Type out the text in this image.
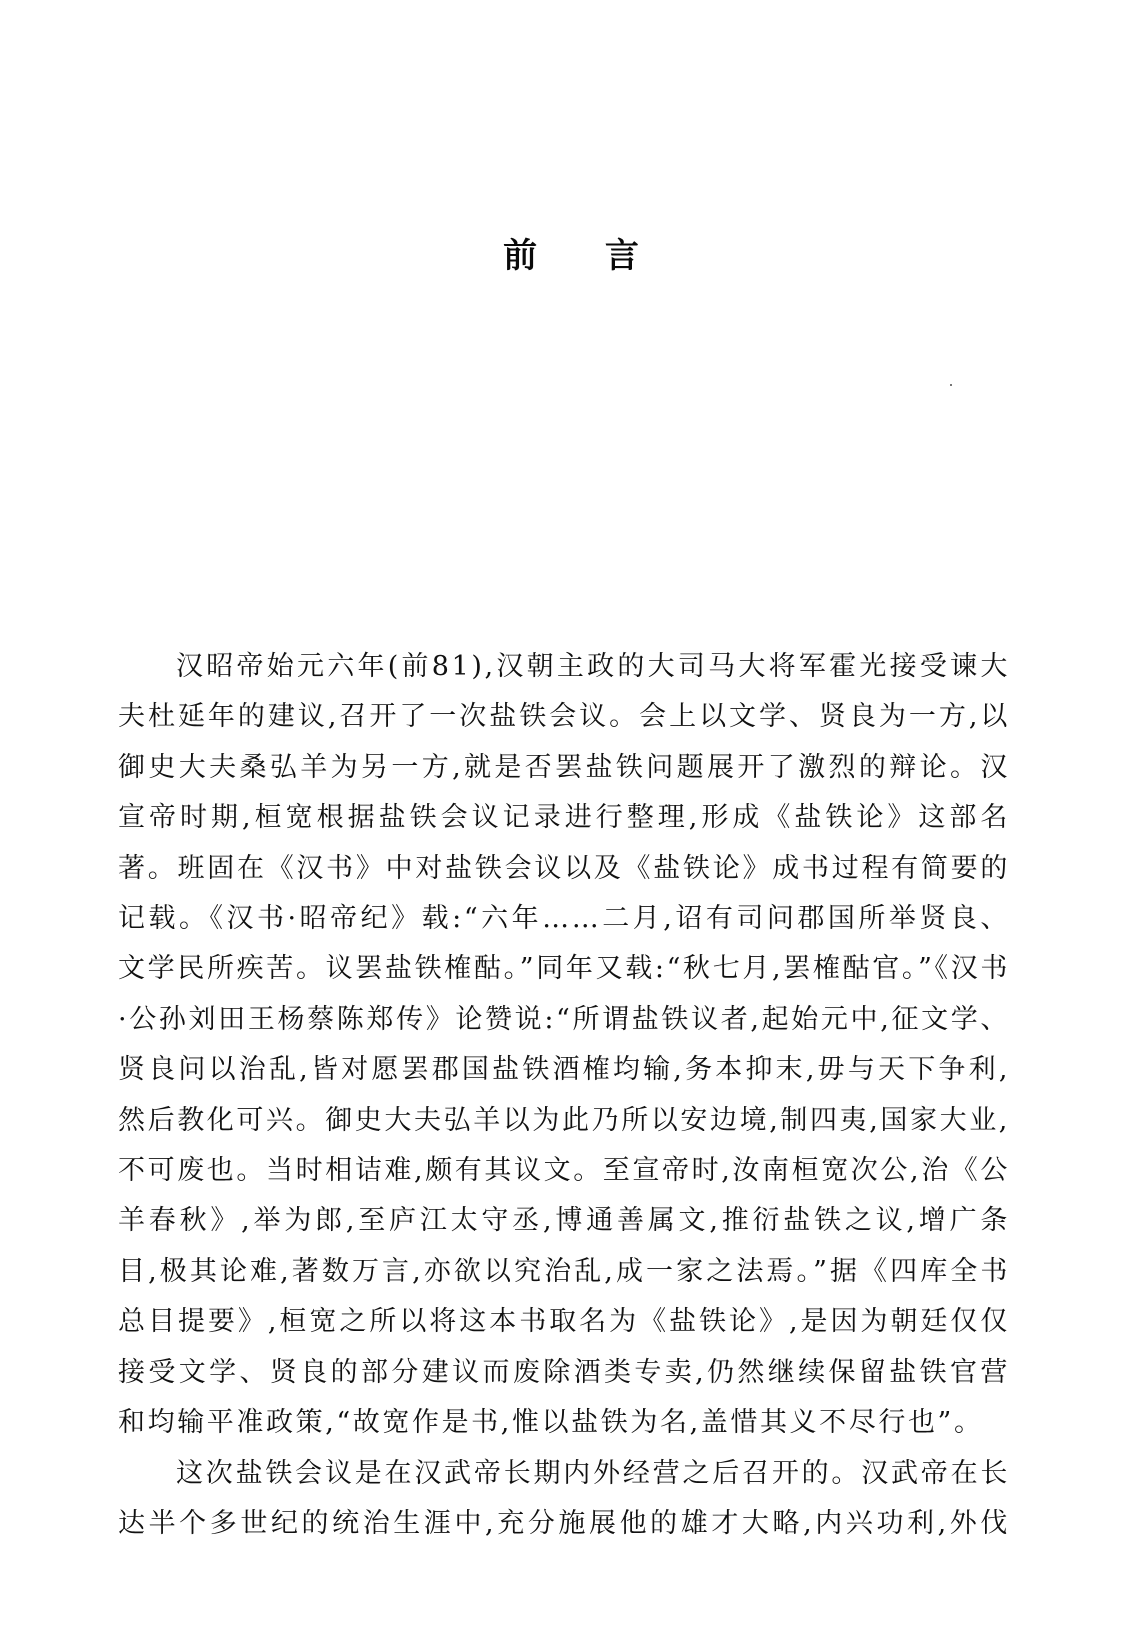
前 言

汉昭帝始元六年(前81),汉朝主政的大司马大将军霍光接受谏大夫杜延年的建议,召开了一次盐铁会议。会上以文学、贤良为一方,以御史大夫桑弘羊为另一方,就是否罢盐铁问题展开了激烈的辩论。汉宣帝时期,桓宽根据盐铁会议记录进行整理,形成《盐铁论》这部名著。班固在《汉书》中对盐铁会议以及《盐铁论》成书过程有简要的记载。《汉书·昭帝纪》载:“六年……二月,诏有司问郡国所举贤良、文学民所疾苦。议罢盐铁榷酤。”同年又载:“秋七月,罢榷酤官。”《汉书·公孙刘田王杨蔡陈郑传》论赞说:“所谓盐铁议者,起始元中,征文学、贤良问以治乱,皆对愿罢郡国盐铁酒榷均输,务本抑末,毋与天下争利,然后教化可兴。御史大夫弘羊以为此乃所以安边境,制四夷,国家大业,不可废也。当时相诘难,颇有其议文。至宣帝时,汝南桓宽次公,治《公羊春秋》,举为郎,至庐江太守丞,博通善属文,推衍盐铁之议,增广条目,极其论难,著数万言,亦欲以究治乱,成一家之法焉。”据《四库全书总目提要》,桓宽之所以将这本书取名为《盐铁论》,是因为朝廷仅仅接受文学、贤良的部分建议而废除酒类专卖,仍然继续保留盐铁官营和均输平准政策,“故宽作是书,惟以盐铁为名,盖惜其义不尽行也”。

这次盐铁会议是在汉武帝长期内外经营之后召开的。汉武帝在长达半个多世纪的统治生涯中,充分施展他的雄才大略,内兴功利,外伐
